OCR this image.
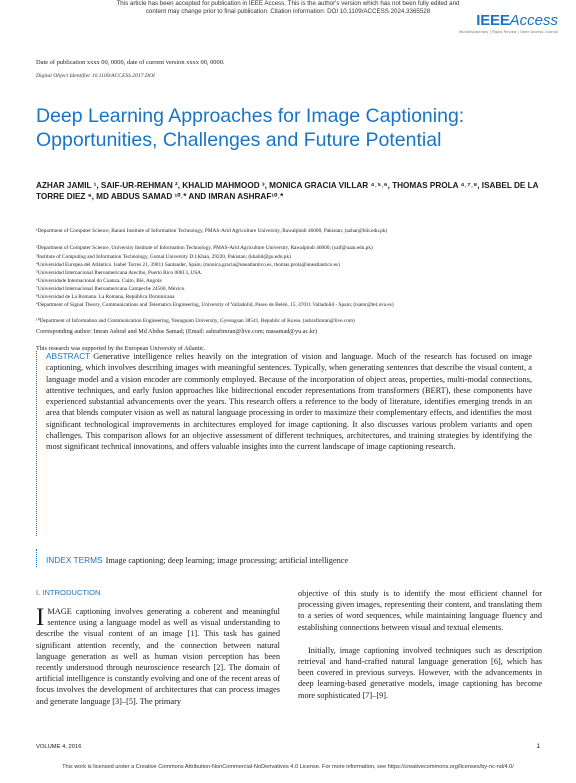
This article has been accepted for publication in IEEE Access. This is the author's version which has not been fully edited and
content may change prior to final publication. Citation information: DOI 10.1109/ACCESS.2024.3365528
IEEEAccess
Multidisciplinary | Rapid Review | Open Access Journal
Date of publication xxxx 00, 0000, date of current version xxxx 00, 0000.
Digital Object Identifier 10.1109/ACCESS.2017.DOI
Deep Learning Approaches for Image Captioning: Opportunities, Challenges and Future Potential
AZHAR JAMIL ¹, SAIF-UR-REHMAN ², KHALID MAHMOOD ³, MONICA GRACIA VILLAR ⁴˒⁵˒⁶, THOMAS PROLA ⁴˒⁷˒⁸, ISABEL DE LA TORRE DIEZ ⁹, MD ABDUS SAMAD ¹⁰˒* AND IMRAN ASHRAF¹⁰˒*
¹Department of Computer Science, Barani Institute of Information Technology, PMAS-Arid Agriculture University, Rawalpindi 46000, Pakistan; (azhar@biit.edu.pk)
²Department of Computer Science, University Institute of Information Technology, PMAS-Arid Agriculture University, Rawalpindi 46000; (saif@uaar.edu.pk)
³Institute of Computing and Information Technology, Gomal University D.I.Khan, 29220, Pakistan; (khalid@gu.edu.pk)
⁴Universidad Europea del Atlántico. Isabel Torres 21, 39011 Santander, Spain; (monica.gracia@uneatlantico.es, thomas.prola@uneatlantico.es)
⁵Universidad Internacional Iberoamericana Arecibo, Puerto Rico 00613, USA.
⁶Universidade Internacional do Cuanza. Cuito, Bié, Angola
⁷Universidad Internacional Iberoamericana Campeche 24560, México.
⁸Universidad de La Romana. La Romana, República Dominicana
⁹Department of Signal Theory, Communications and Telematics Engineering, University of Valladolid, Paseo de Belén, 15, 47011 Valladolid - Spain; (isator@tel.uva.es)
¹⁰Department of Information and Communication Engineering, Yeungnam University, Gyeongsan 38541, Republic of Korea. (ashrafimran@live.com)
Corresponding author: Imran Ashraf and Md Abdus Samad; (Email: ashrafimran@live.com; masamad@yu.ac.kr)
This research was supported by the European University of Atlantic.
ABSTRACT Generative intelligence relies heavily on the integration of vision and language. Much of the research has focused on image captioning, which involves describing images with meaningful sentences. Typically, when generating sentences that describe the visual content, a language model and a vision encoder are commonly employed. Because of the incorporation of object areas, properties, multi-modal connections, attentive techniques, and early fusion approaches like bidirectional encoder representations from transformers (BERT), these components have experienced substantial advancements over the years. This research offers a reference to the body of literature, identifies emerging trends in an area that blends computer vision as well as natural language processing in order to maximize their complementary effects, and identifies the most significant technological improvements in architectures employed for image captioning. It also discusses various problem variants and open challenges. This comparison allows for an objective assessment of different techniques, architectures, and training strategies by identifying the most significant technical innovations, and offers valuable insights into the current landscape of image captioning research.
INDEX TERMS Image captioning; deep learning; image processing; artificial intelligence
I. INTRODUCTION
IMAGE captioning involves generating a coherent and meaningful sentence using a language model as well as visual understanding to describe the visual content of an image [1]. This task has gained significant attention recently, and the connection between natural language generation as well as human vision perception has been recently understood through neuroscience research [2]. The domain of artificial intelligence is constantly evolving and one of the recent areas of focus involves the development of architectures that can process images and generate language [3]–[5]. The primary
objective of this study is to identify the most efficient channel for processing given images, representing their content, and translating them to a series of word sequences, while maintaining language fluency and establishing connections between visual and textual elements.
Initially, image captioning involved techniques such as description retrieval and hand-crafted natural language generation [6], which has been covered in previous surveys. However, with the advancements in deep learning-based generative models, image captioning has become more sophisticated [7]–[9].
VOLUME 4, 2016	1
This work is licensed under a Creative Commons Attribution-NonCommercial-NoDerivatives 4.0 License. For more information, see https://creativecommons.org/licenses/by-nc-nd/4.0/
